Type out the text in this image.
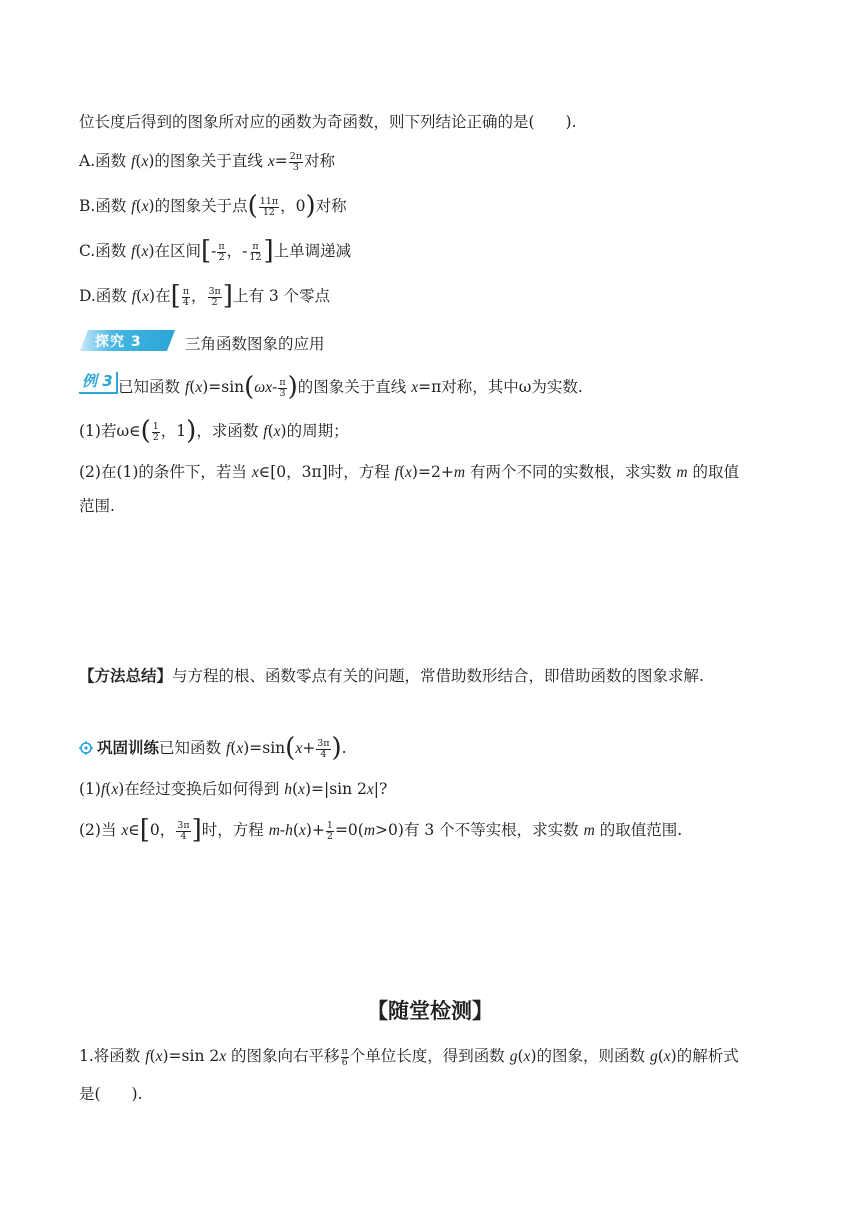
位长度后得到的图象所对应的函数为奇函数，则下列结论正确的是(　　).
A.函数 f(x)的图象关于直线 $x= \frac{2\pi}{3}$ 对称
B.函数 f(x)的图象关于点( $\frac{11\pi}{12}$ ，0)对称
C.函数 f(x)在区间[- $\frac{\pi}{2}$ ，- $\frac{\pi}{12}$ ]上单调递减
D.函数 f(x)在[ $\frac{\pi}{4}$ ， $\frac{3\pi}{2}$ ]上有 3 个零点
探究 3	三角函数图象的应用
例 3 已知函数 $f(x)=\sin(\omega x- \frac{\pi}{3}$ )的图象关于直线 x=π对称，其中ω为实数.
(1)若ω∈( $\frac{1}{2}$ ，1)，求函数 f(x)的周期；
(2)在(1)的条件下，若当 x∈[0，3π]时，方程 f(x)=2+m 有两个不同的实数根，求实数 m 的取值
范围.
【方法总结】与方程的根、函数零点有关的问题，常借助数形结合，即借助函数的图象求解.
巩固训练已知函数 $f(x)=\sin(x+ \frac{3\pi}{4}$ ).
(1)f(x)在经过变换后如何得到 h(x)=|sin 2x|?
(2)当 x∈[0， $\frac{3\pi}{4}$ ]时，方程 $m-h(x)+ \frac{1}{2} =0(m>0)$有 3 个不等实根，求实数 m 的取值范围.
【随堂检测】
1.将函数 f(x)=sin 2x 的图象向右平移 $\frac{\pi}{6}$ 个单位长度，得到函数 g(x)的图象，则函数 g(x)的解析式
是(　　).
